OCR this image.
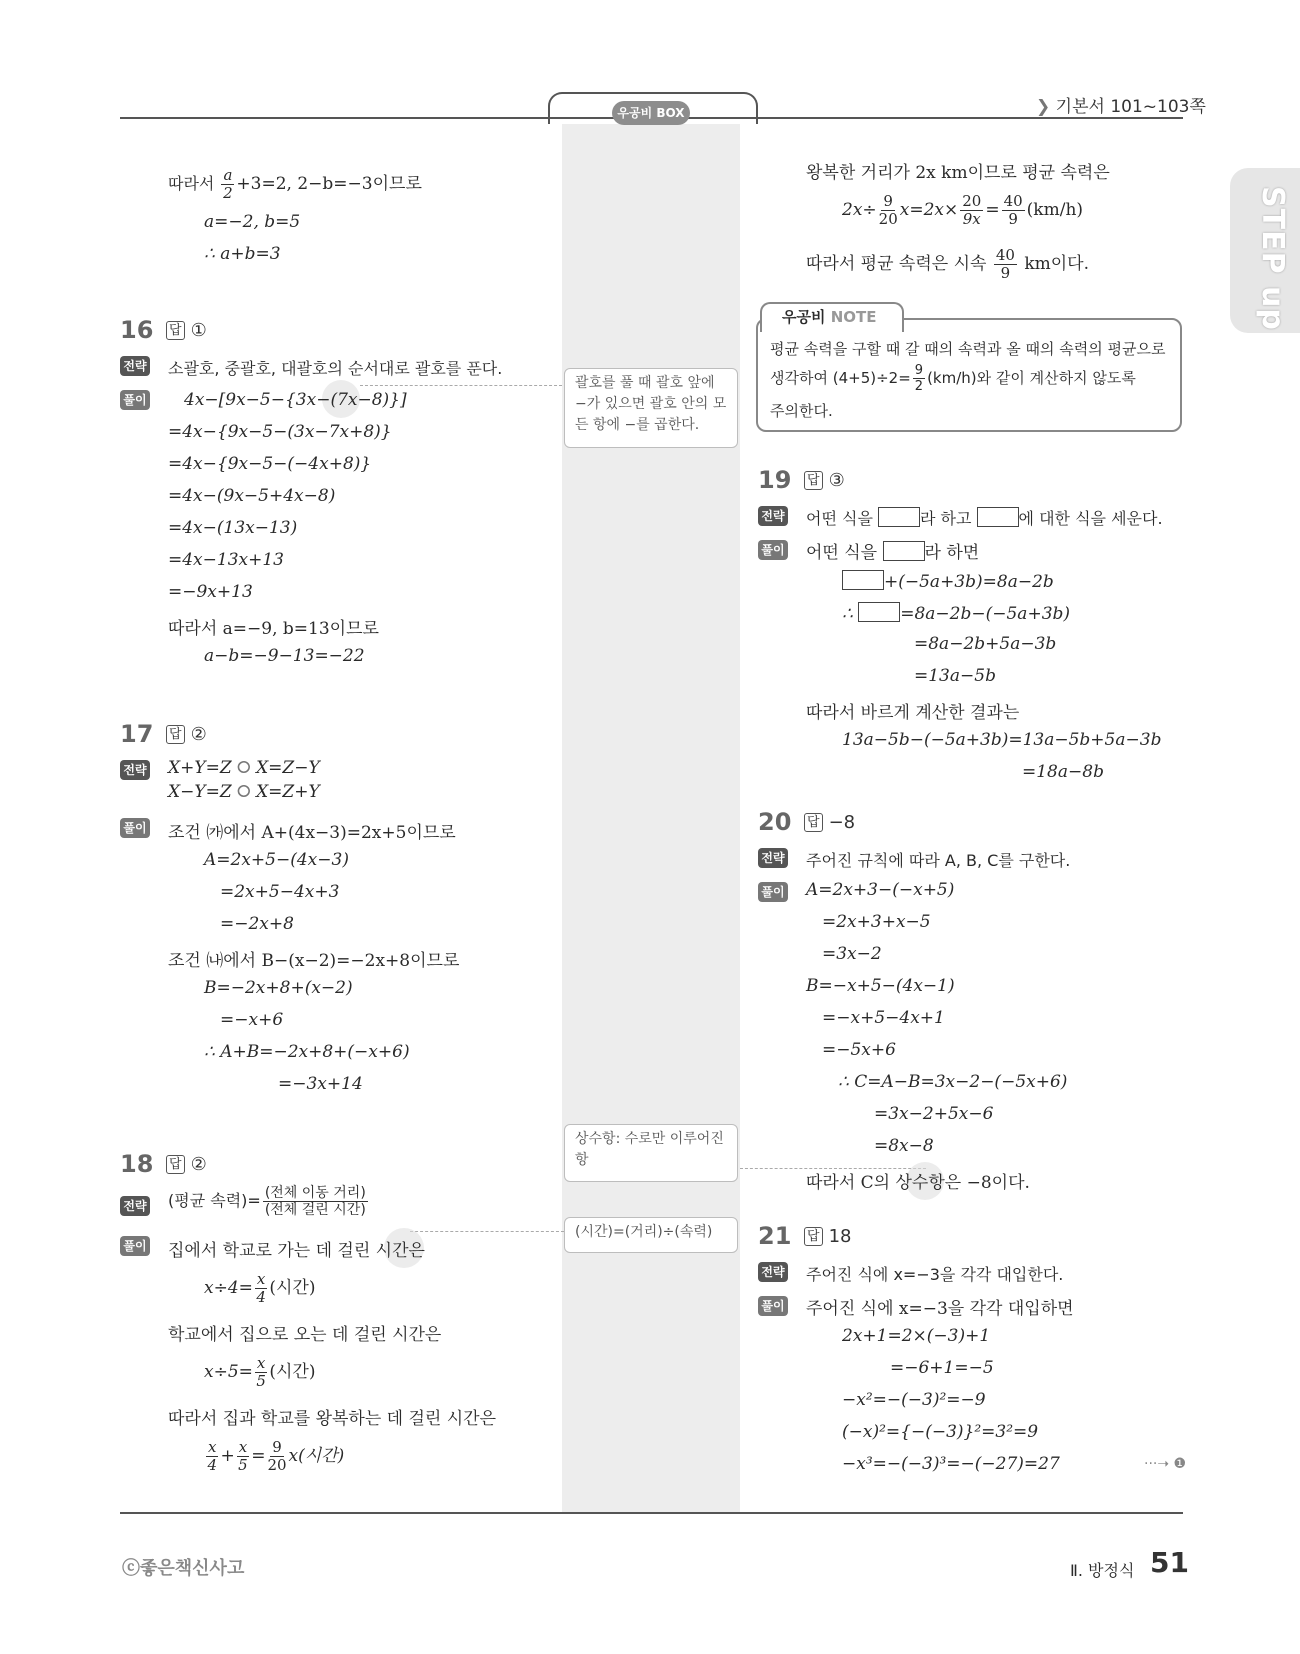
우공비 BOX	❯ 기본서 101~103쪽
STEP up
따라서 $\frac{a}{2} +3=2$, 2−b=−3이므로
a=−2, b=5
∴ a+b=3
16 답 ①
전략 소괄호, 중괄호, 대괄호의 순서대로 괄호를 푼다.
풀이 4x−[9x−5−{3x−(7x−8)}]
=4x−{9x−5−(3x−7x+8)}
=4x−{9x−5−(−4x+8)}
=4x−(9x−5+4x−8)
=4x−(13x−13)
=4x−13x+13
=−9x+13
따라서 a=−9, b=13이므로
a−b=−9−13=−22
괄호를 풀 때 괄호 앞에 −가 있으면 괄호 안의 모든 항에 −를 곱한다.
17 답 ②
전략 X+Y=Z ⭘ X=Z−Y
X−Y=Z ⭘ X=Z+Y
풀이 조건 ㈎에서 A+(4x−3)=2x+5이므로
A=2x+5−(4x−3)
=2x+5−4x+3
=−2x+8
조건 ㈏에서 B−(x−2)=−2x+8이므로
B=−2x+8+(x−2)
=−x+6
∴ A+B=−2x+8+(−x+6)
=−3x+14
상수항: 수로만 이루어진 항
(시간)=(거리)÷(속력)
18 답 ②
전략 (평균 속력)= $\frac{\text{(전체 이동 거리)}}{\text{(전체 걸린 시간)}}$
풀이 집에서 학교로 가는 데 걸린 시간은
$x\div 4= \frac{x}{4}$ (시간)
학교에서 집으로 오는 데 걸린 시간은
$x\div 5= \frac{x}{5}$ (시간)
따라서 집과 학교를 왕복하는 데 걸린 시간은
$\frac{x}{4} + \frac{x}{5} = \frac{9}{20} x$(시간)
왕복한 거리가 2x km이므로 평균 속력은
$2x\div \frac{9}{20} x=2x\times \frac{20}{9x} = \frac{40}{9} (km/h)$
따라서 평균 속력은 시속 $\frac{40}{9}$ km이다.
우공비 NOTE
평균 속력을 구할 때 갈 때의 속력과 올 때의 속력의 평균으로
생각하여 $(4+5)\div 2= \frac{9}{2} (km/h)$와 같이 계산하지 않도록
주의한다.
19 답 ③
전략 어떤 식을	라 하고	에 대한 식을 세운다.
풀이 어떤 식을 라 하면
+(−5a+3b)=8a−2b
∴ =8a−2b−(−5a+3b)
=8a−2b+5a−3b
=13a−5b
따라서 바르게 계산한 결과는
13a−5b−(−5a+3b)=13a−5b+5a−3b
=18a−8b
20 답 −8
전략 주어진 규칙에 따라 A, B, C를 구한다.
풀이 A=2x+3−(−x+5)
=2x+3+x−5
=3x−2
B=−x+5−(4x−1)
=−x+5−4x+1
=−5x+6
∴ C=A−B=3x−2−(−5x+6)
=3x−2+5x−6
=8x−8
따라서 C의 상수항은 −8이다.
21 답 18
전략 주어진 식에 x=−3을 각각 대입한다.
풀이 주어진 식에 x=−3을 각각 대입하면
2x+1=2×(−3)+1
=−6+1=−5
−x²=−(−3)²=−9
(−x)²={−(−3)}²=3²=9
−x³=−(−3)³=−(−27)=27	···➝ ❶
ⓒ좋은책신사고	Ⅱ. 방정식 51
